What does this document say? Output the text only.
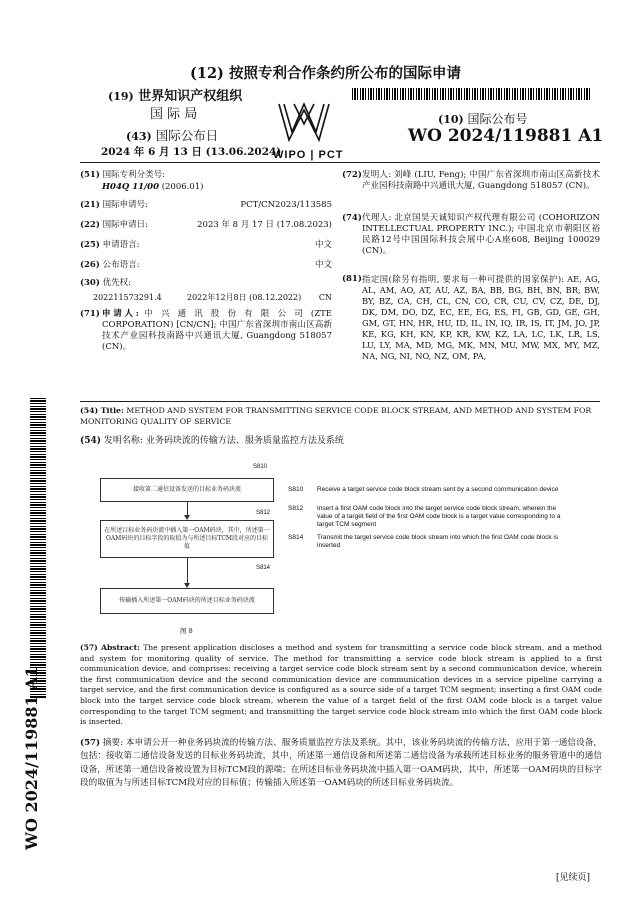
(12) 按照专利合作条约所公布的国际申请
(19) 世界知识产权组织
国 际 局
(43) 国际公布日
2024 年 6 月 13 日 (13.06.2024)
WIPO | PCT
(10) 国际公布号
WO 2024/119881 A1
(51) 国际专利分类号:
H04Q 11/00 (2006.01)
(21) 国际申请号:	PCT/CN2023/113585
(22) 国际申请日:	2023 年 8 月 17 日 (17.08.2023)
(25) 申请语言:	中文
(26) 公布语言:	中文
(30) 优先权:
202211573291.4	2022年12月8日 (08.12.2022) CN
(71) 申请人: 中 兴 通 讯 股 份 有 限 公 司 (ZTE CORPORATION) [CN/CN]; 中国广东省深圳市南山区高新技术产业园科技南路中兴通讯大厦, Guangdong 518057 (CN)。
(72) 发明人: 刘峰 (LIU, Feng); 中国广东省深圳市南山区高新技术产业园科技南路中兴通讯大厦, Guangdong 518057 (CN)。
(74) 代理人: 北京国昊天诚知识产权代理有限公司 (COHORIZON INTELLECTUAL PROPERTY INC.); 中国北京市朝阳区裕民路12号中国国际科技会展中心A座608, Beijing 100029 (CN)。
(81) 指定国(除另有指明, 要求每一种可提供的国家保护): AE, AG, AL, AM, AO, AT, AU, AZ, BA, BB, BG, BH, BN, BR, BW, BY, BZ, CA, CH, CL, CN, CO, CR, CU, CV, CZ, DE, DJ, DK, DM, DO, DZ, EC, EE, EG, ES, FI, GB, GD, GE, GH, GM, GT, HN, HR, HU, ID, IL, IN, IQ, IR, IS, IT, JM, JO, JP, KE, KG, KH, KN, KP, KR, KW, KZ, LA, LC, LK, LR, LS, LU, LY, MA, MD, MG, MK, MN, MU, MW, MX, MY, MZ, NA, NG, NI, NO, NZ, OM, PA,
(54) Title: METHOD AND SYSTEM FOR TRANSMITTING SERVICE CODE BLOCK STREAM, AND METHOD AND SYSTEM FOR MONITORING QUALITY OF SERVICE
(54) 发明名称: 业务码块流的传输方法、服务质量监控方法及系统
S810
接收第二通信设备发送的目标业务码块流
S812
在所述目标业务码块流中插入第一OAM码块，其中，所述第一OAM码块的目标字段的取值为与所述目标TCM段对应的目标值
S814
传输插入所述第一OAM码块的所述目标业务码块流
图 8
S810 Receive a target service code block stream sent by a second communication device
S812 Insert a first OAM code block into the target service code block stream, wherein the value of a target field of the first OAM code block is a target value corresponding to a target TCM segment
S814 Transmit the target service code block stream into which the first OAM code block is inserted
(57) Abstract: The present application discloses a method and system for transmitting a service code block stream, and a method and system for monitoring quality of service. The method for transmitting a service code block stream is applied to a first communication device, and comprises: receiving a target service code block stream sent by a second communication device, wherein the first communication device and the second communication device are communication devices in a service pipeline carrying a target service, and the first communication device is configured as a source side of a target TCM segment; inserting a first OAM code block into the target service code block stream, wherein the value of a target field of the first OAM code block is a target value corresponding to the target TCM segment; and transmitting the target service code block stream into which the first OAM code block is inserted.
(57) 摘要: 本申请公开一种业务码块流的传输方法、服务质量监控方法及系统。其中，该业务码块流的传输方法，应用于第一通信设备，包括：接收第二通信设备发送的目标业务码块流，其中，所述第一通信设备和所述第二通信设备为承载所述目标业务的服务管道中的通信设备，所述第一通信设备被设置为目标TCM段的源端；在所述目标业务码块流中插入第一OAM码块，其中，所述第一OAM码块的目标字段的取值为与所述目标TCM段对应的目标值；传输插入所述第一OAM码块的所述目标业务码块流。
WO 2024/119881 A1
[见续页]
